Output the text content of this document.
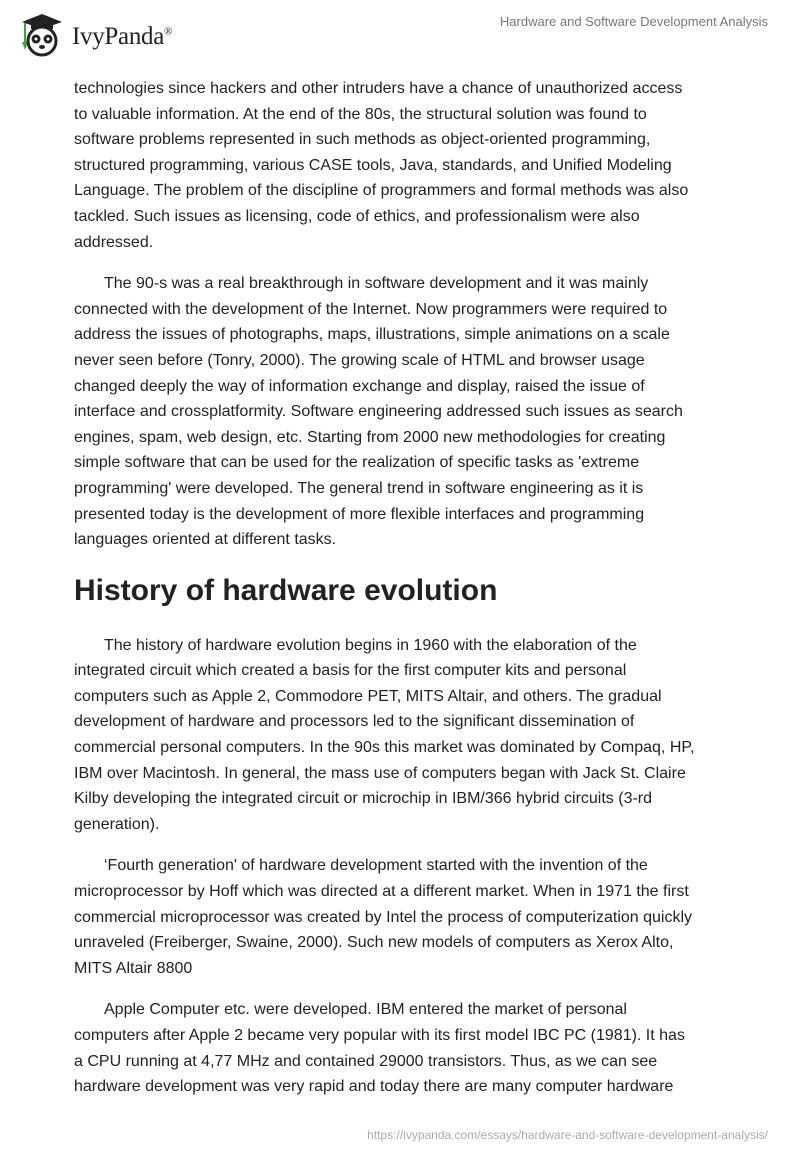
IvyPanda®
Hardware and Software Development Analysis
technologies since hackers and other intruders have a chance of unauthorized access
to valuable information. At the end of the 80s, the structural solution was found to
software problems represented in such methods as object-oriented programming,
structured programming, various CASE tools, Java, standards, and Unified Modeling
Language. The problem of the discipline of programmers and formal methods was also
tackled. Such issues as licensing, code of ethics, and professionalism were also
addressed.
The 90-s was a real breakthrough in software development and it was mainly
connected with the development of the Internet. Now programmers were required to
address the issues of photographs, maps, illustrations, simple animations on a scale
never seen before (Tonry, 2000). The growing scale of HTML and browser usage
changed deeply the way of information exchange and display, raised the issue of
interface and crossplatformity. Software engineering addressed such issues as search
engines, spam, web design, etc. Starting from 2000 new methodologies for creating
simple software that can be used for the realization of specific tasks as 'extreme
programming' were developed. The general trend in software engineering as it is
presented today is the development of more flexible interfaces and programming
languages oriented at different tasks.
History of hardware evolution
The history of hardware evolution begins in 1960 with the elaboration of the
integrated circuit which created a basis for the first computer kits and personal
computers such as Apple 2, Commodore PET, MITS Altair, and others. The gradual
development of hardware and processors led to the significant dissemination of
commercial personal computers. In the 90s this market was dominated by Compaq, HP,
IBM over Macintosh. In general, the mass use of computers began with Jack St. Claire
Kilby developing the integrated circuit or microchip in IBM/366 hybrid circuits (3-rd
generation).
‘Fourth generation' of hardware development started with the invention of the
microprocessor by Hoff which was directed at a different market. When in 1971 the first
commercial microprocessor was created by Intel the process of computerization quickly
unraveled (Freiberger, Swaine, 2000). Such new models of computers as Xerox Alto,
MITS Altair 8800
Apple Computer etc. were developed. IBM entered the market of personal
computers after Apple 2 became very popular with its first model IBC PC (1981). It has
a CPU running at 4,77 MHz and contained 29000 transistors. Thus, as we can see
hardware development was very rapid and today there are many computer hardware
https://ivypanda.com/essays/hardware-and-software-development-analysis/
